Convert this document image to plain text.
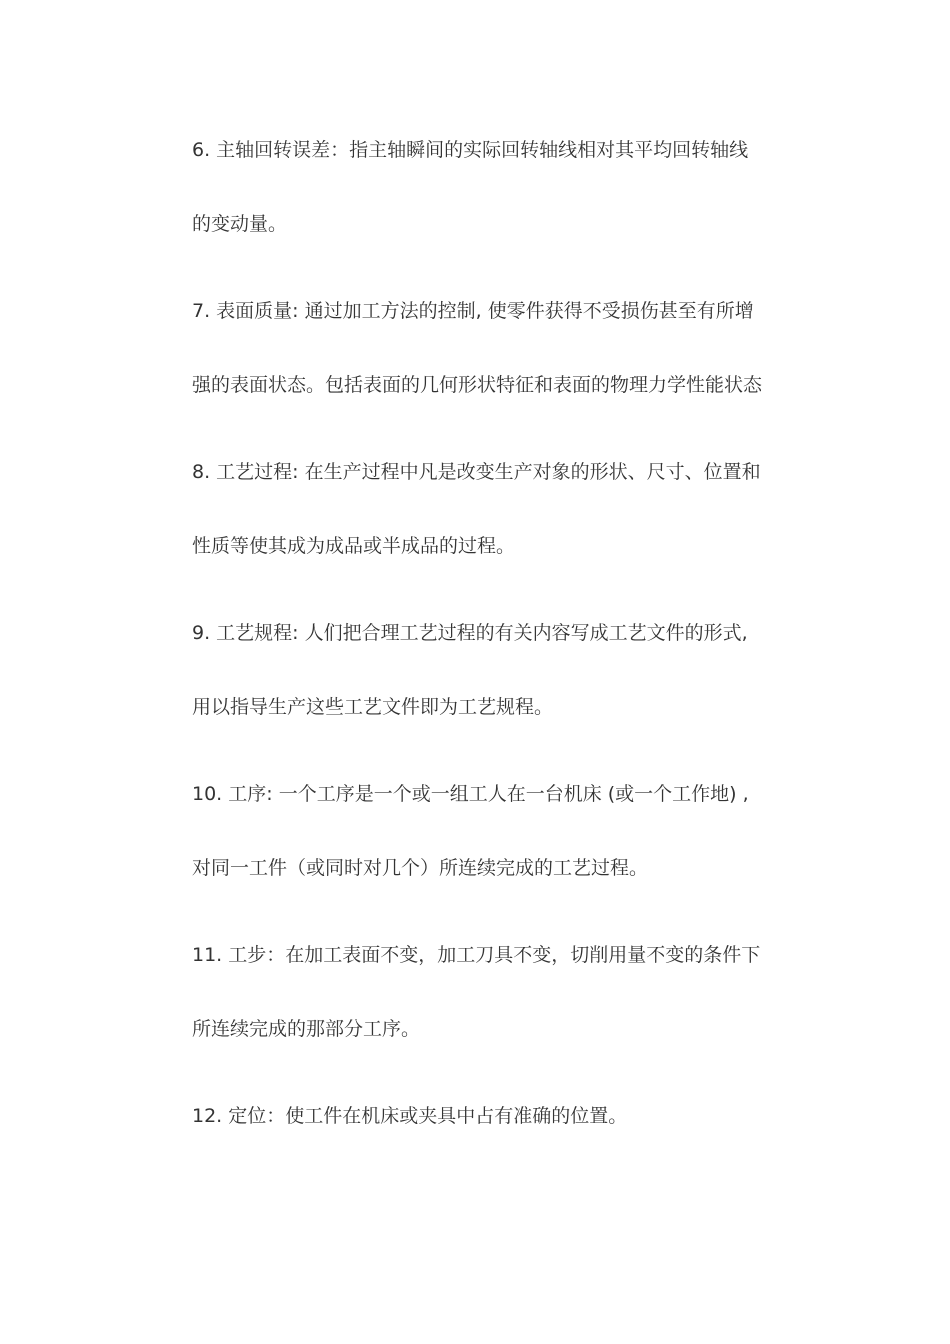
6. 主轴回转误差：指主轴瞬间的实际回转轴线相对其平均回转轴线
的变动量。
7. 表面质量: 通过加工方法的控制, 使零件获得不受损伤甚至有所增
强的表面状态。包括表面的几何形状特征和表面的物理力学性能状态
8. 工艺过程: 在生产过程中凡是改变生产对象的形状、尺寸、位置和
性质等使其成为成品或半成品的过程。
9. 工艺规程: 人们把合理工艺过程的有关内容写成工艺文件的形式,
用以指导生产这些工艺文件即为工艺规程。
10. 工序: 一个工序是一个或一组工人在一台机床 (或一个工作地) ,
对同一工件（或同时对几个）所连续完成的工艺过程。
11. 工步：在加工表面不变，加工刀具不变，切削用量不变的条件下
所连续完成的那部分工序。
12. 定位：使工件在机床或夹具中占有准确的位置。
